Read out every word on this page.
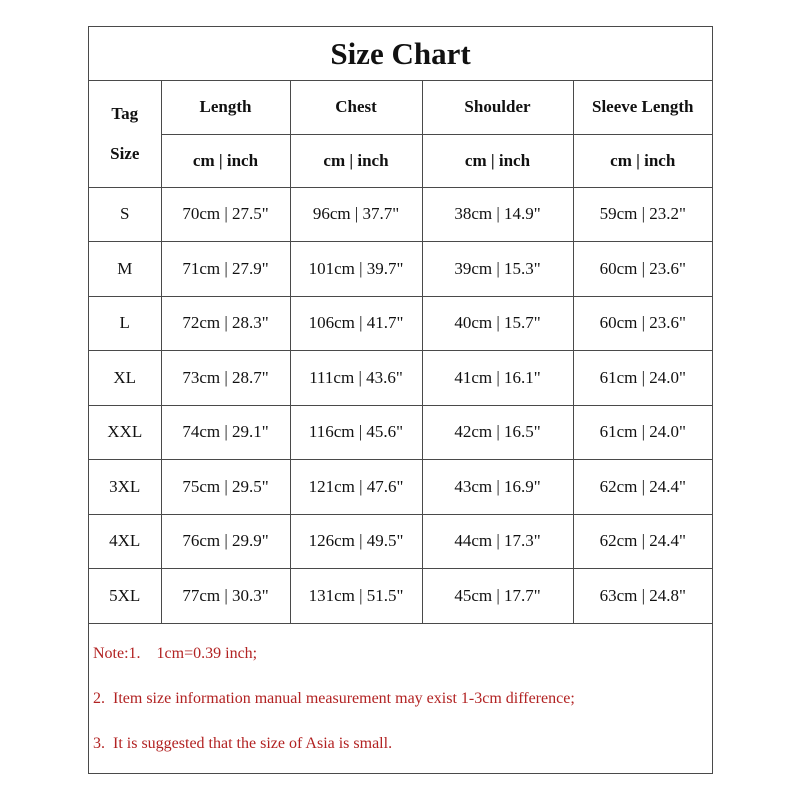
Size Chart
Tag
Size	Length	Chest	Shoulder	Sleeve Length
	cm | inch	cm | inch	cm | inch	cm | inch
S	70cm | 27.5"	96cm | 37.7"	38cm | 14.9"	59cm | 23.2"
M	71cm | 27.9"	101cm | 39.7"	39cm | 15.3"	60cm | 23.6"
L	72cm | 28.3"	106cm | 41.7"	40cm | 15.7"	60cm | 23.6"
XL	73cm | 28.7"	111cm | 43.6"	41cm | 16.1"	61cm | 24.0"
XXL	74cm | 29.1"	116cm | 45.6"	42cm | 16.5"	61cm | 24.0"
3XL	75cm | 29.5"	121cm | 47.6"	43cm | 16.9"	62cm | 24.4"
4XL	76cm | 29.9"	126cm | 49.5"	44cm | 17.3"	62cm | 24.4"
5XL	77cm | 30.3"	131cm | 51.5"	45cm | 17.7"	63cm | 24.8"
Note:1.    1cm=0.39 inch;
2.  Item size information manual measurement may exist 1-3cm difference;
3.  It is suggested that the size of Asia is small.
